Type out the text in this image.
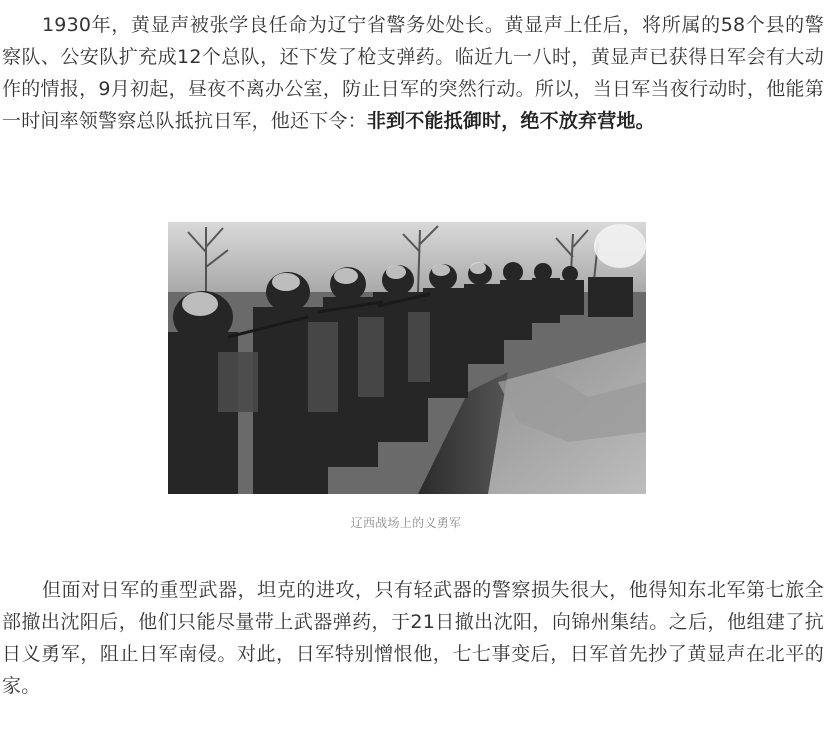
1930年，黄显声被张学良任命为辽宁省警务处处长。黄显声上任后，将所属的58个县的警察队、公安队扩充成12个总队，还下发了枪支弹药。临近九一八时，黄显声已获得日军会有大动作的情报，9月初起，昼夜不离办公室，防止日军的突然行动。所以，当日军当夜行动时，他能第一时间率领警察总队抵抗日军，他还下令：非到不能抵御时，绝不放弃营地。

辽西战场上的义勇军

但面对日军的重型武器，坦克的进攻，只有轻武器的警察损失很大，他得知东北军第七旅全部撤出沈阳后，他们只能尽量带上武器弹药，于21日撤出沈阳，向锦州集结。之后，他组建了抗日义勇军，阻止日军南侵。对此，日军特别憎恨他，七七事变后，日军首先抄了黄显声在北平的家。
